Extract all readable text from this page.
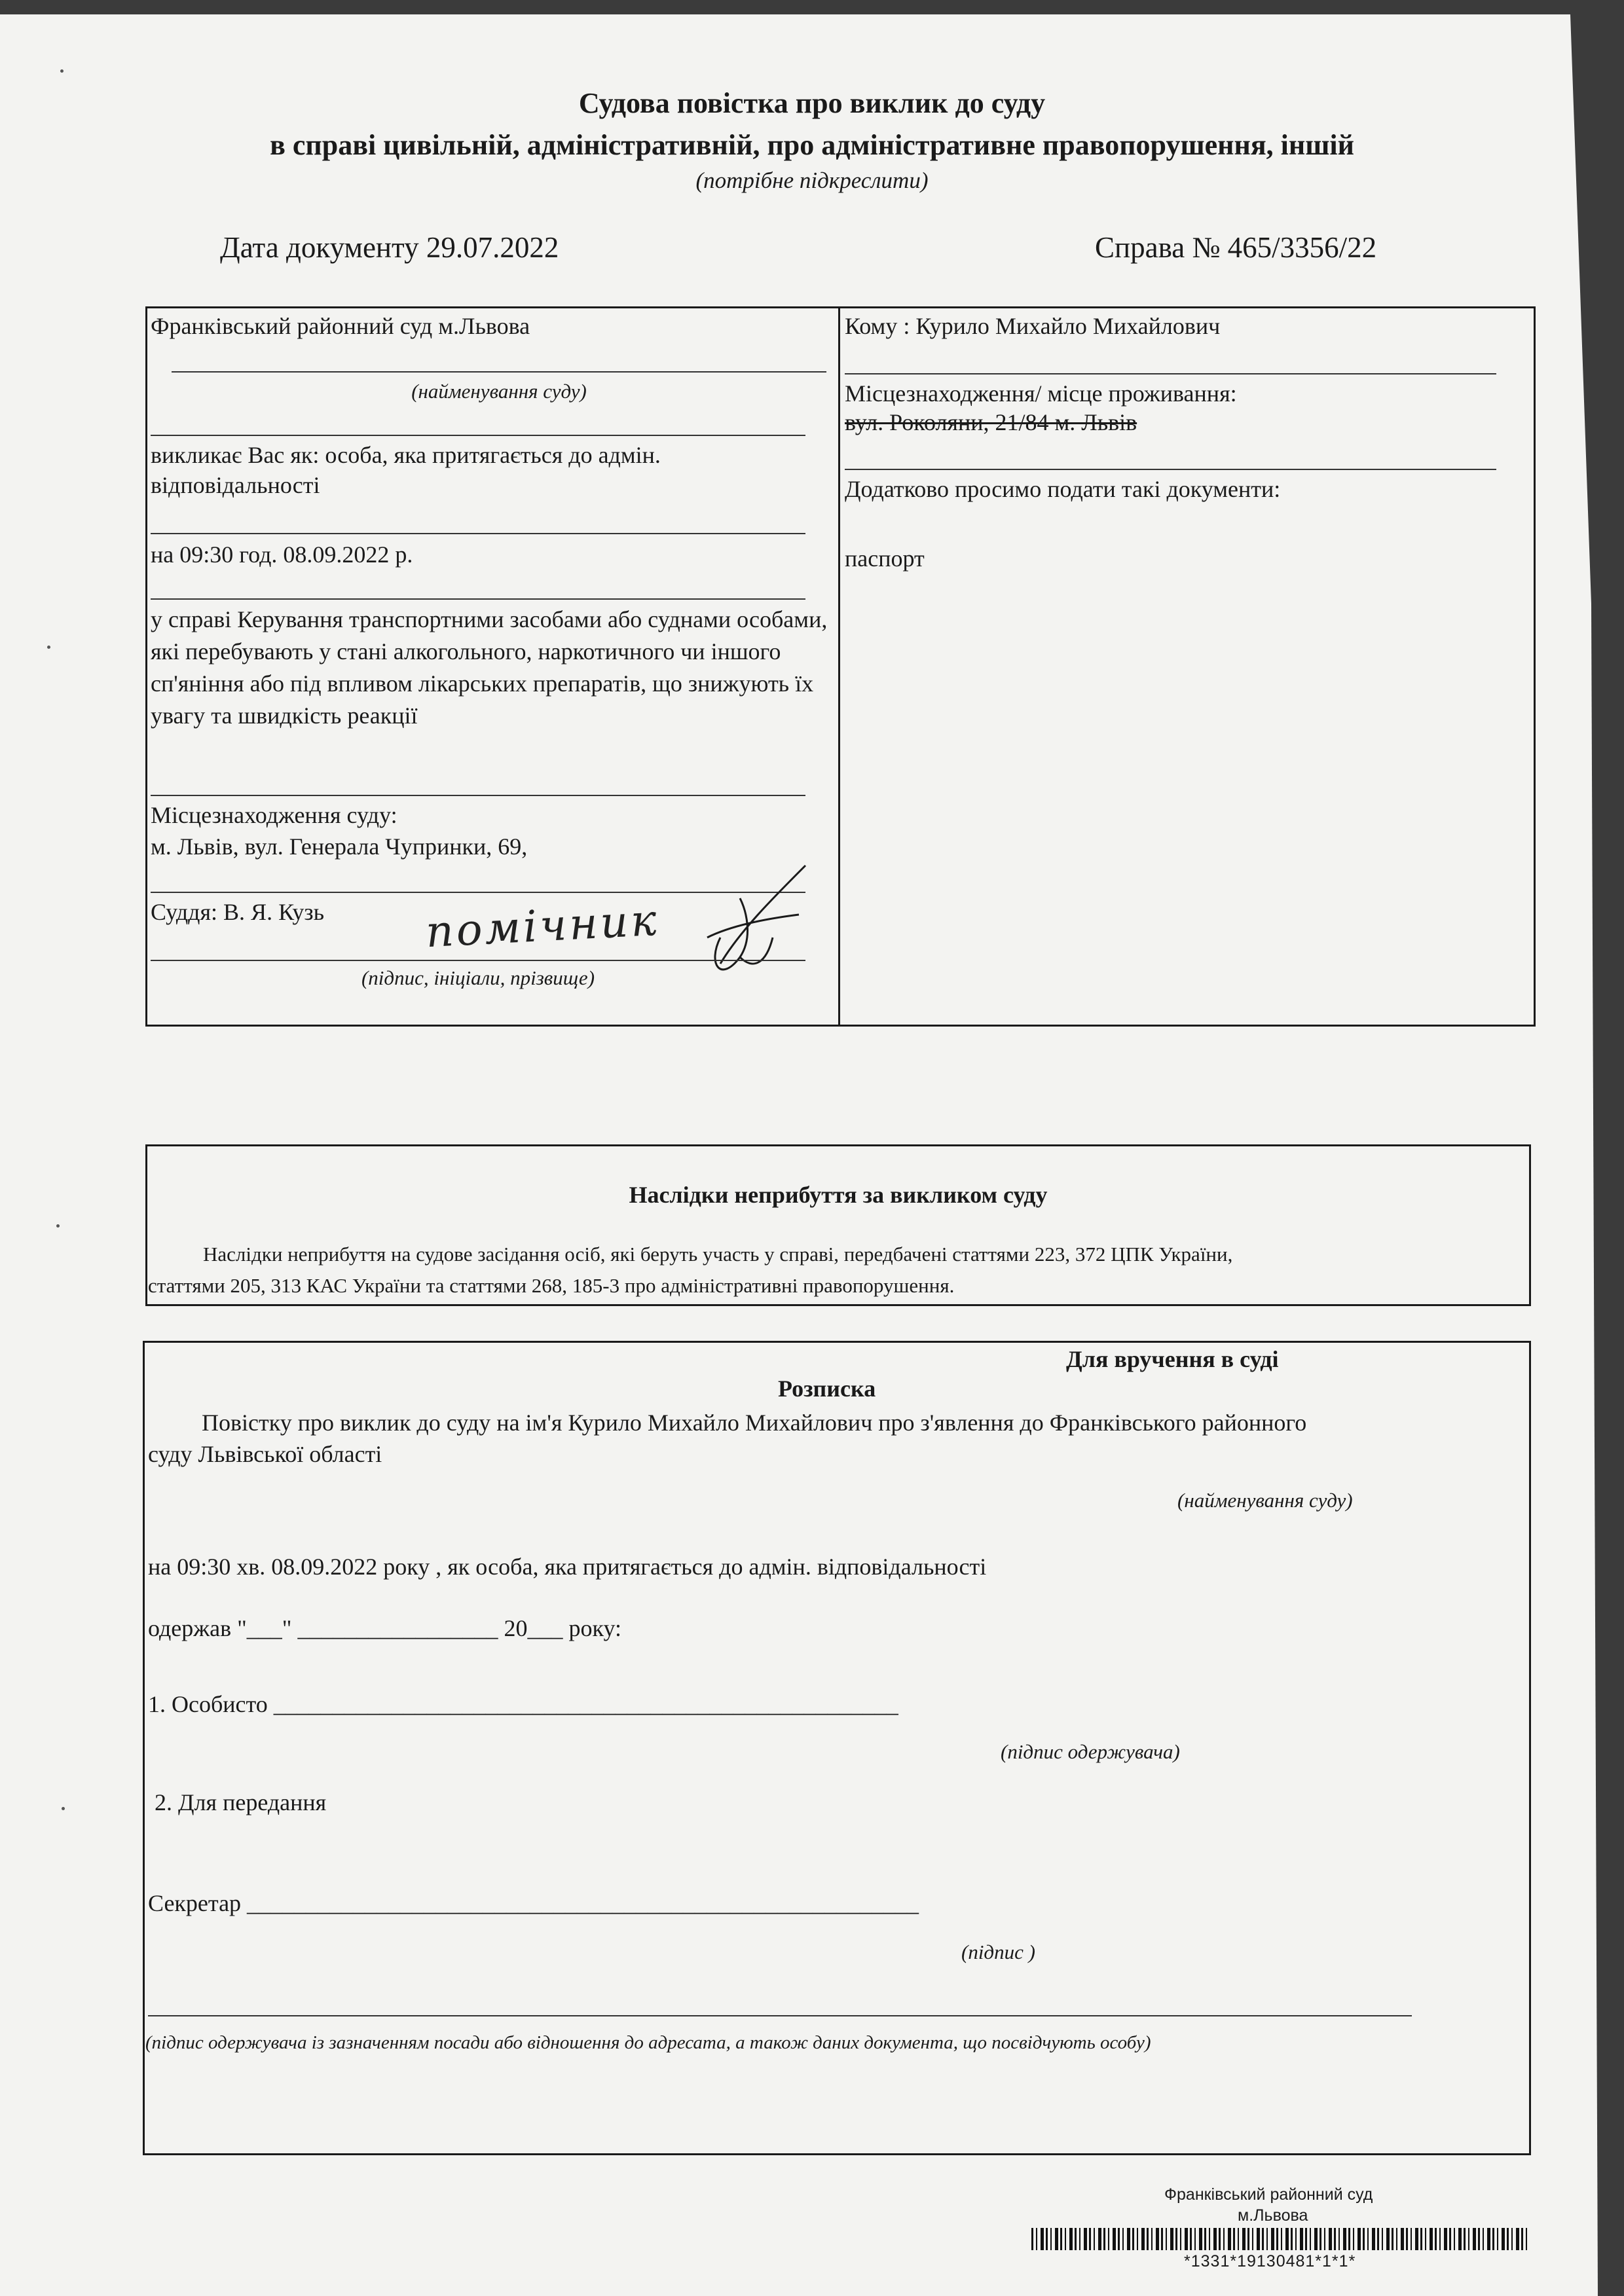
Судова повістка про виклик до суду
в справі цивільній, адміністративній, про адміністративне правопорушення, іншій
(потрібне підкреслити)
Дата документу 29.07.2022	Справа № 465/3356/22
Франківський районний суд м.Львова
(найменування суду)
викликає Вас як: особа, яка притягається до адмін. відповідальності
на 09:30 год. 08.09.2022 р.
у справі Керування транспортними засобами або суднами особами, які перебувають у стані алкогольного, наркотичного чи іншого сп'яніння або під впливом лікарських препаратів, що знижують їх увагу та швидкість реакції
Місцезнаходження суду:
м. Львів, вул. Генерала Чупринки, 69,
Суддя: В. Я. Кузь помічник
(підпис, ініціали, прізвище)
Кому : Курило Михайло Михайлович
Місцезнаходження/ місце проживання:
вул. Роколяни, 21/84 м. Львів
Додатково просимо подати такі документи:
паспорт
Наслідки неприбуття за викликом суду
Наслідки неприбуття на судове засідання осіб, які беруть участь у справі, передбачені статтями 223, 372 ЦПК України,
статтями 205, 313 КАС України та статтями 268, 185-3 про адміністративні правопорушення.
Для вручення в суді
Розписка
Повістку про виклик до суду на ім'я Курило Михайло Михайлович про з'явлення до Франківського районного
суду Львівської області
(найменування суду)
на 09:30 хв. 08.09.2022 року , як особа, яка притягається до адмін. відповідальності
одержав "___" _________________ 20___ року:
1. Особисто _____________________________________________________
(підпис одержувача)
2. Для передання
Секретар _________________________________________________________
(підпис )
(підпис одержувача із зазначенням посади або відношення до адресата, а також даних документа, що посвідчують особу)
Франківський районний суд
м.Львова
*1331*19130481*1*1*
